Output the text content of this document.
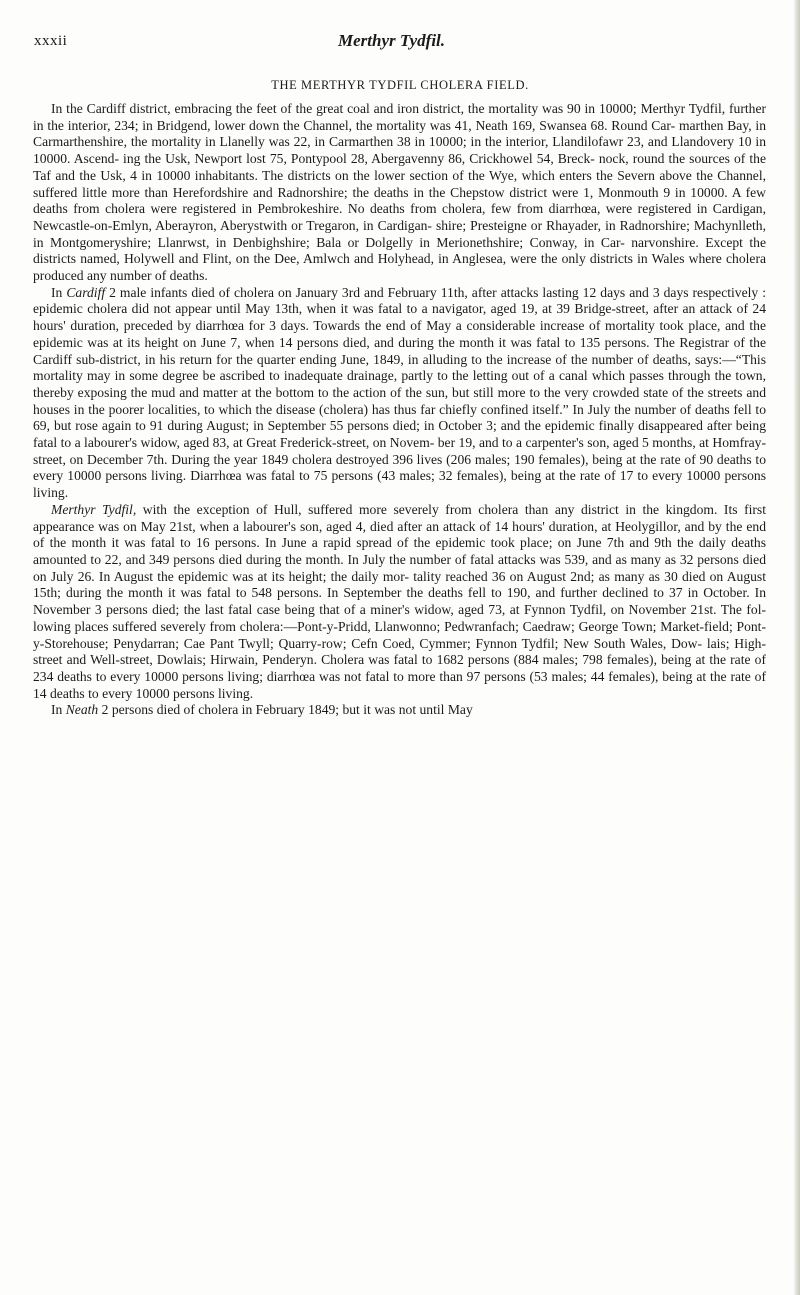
xxxii	Merthyr Tydfil.
THE MERTHYR TYDFIL CHOLERA FIELD.

In the Cardiff district, embracing the feet of the great coal and iron district, the mortality was 90 in 10000; Merthyr Tydfil, further in the interior, 234; in Bridgend, lower down the Channel, the mortality was 41, Neath 169, Swansea 68. Round Car- marthen Bay, in Carmarthenshire, the mortality in Llanelly was 22, in Carmarthen 38 in 10000; in the interior, Llandilofawr 23, and Llandovery 10 in 10000. Ascend- ing the Usk, Newport lost 75, Pontypool 28, Abergavenny 86, Crickhowel 54, Breck- nock, round the sources of the Taf and the Usk, 4 in 10000 inhabitants. The districts on the lower section of the Wye, which enters the Severn above the Channel, suffered little more than Herefordshire and Radnorshire; the deaths in the Chepstow district were 1, Monmouth 9 in 10000. A few deaths from cholera were registered in Pembrokeshire. No deaths from cholera, few from diarrhœa, were registered in Cardigan, Newcastle-on-Emlyn, Aberayron, Aberystwith or Tregaron, in Cardigan- shire; Presteigne or Rhayader, in Radnorshire; Machynlleth, in Montgomeryshire; Llanrwst, in Denbighshire; Bala or Dolgelly in Merionethshire; Conway, in Car- narvonshire. Except the districts named, Holywell and Flint, on the Dee, Amlwch and Holyhead, in Anglesea, were the only districts in Wales where cholera produced any number of deaths.

In Cardiff 2 male infants died of cholera on January 3rd and February 11th, after attacks lasting 12 days and 3 days respectively : epidemic cholera did not appear until May 13th, when it was fatal to a navigator, aged 19, at 39 Bridge-street, after an attack of 24 hours' duration, preceded by diarrhœa for 3 days. Towards the end of May a considerable increase of mortality took place, and the epidemic was at its height on June 7, when 14 persons died, and during the month it was fatal to 135 persons. The Registrar of the Cardiff sub-district, in his return for the quarter ending June, 1849, in alluding to the increase of the number of deaths, says:—“This mortality may in some degree be ascribed to inadequate drainage, partly to the letting out of a canal which passes through the town, thereby exposing the mud and matter at the bottom to the action of the sun, but still more to the very crowded state of the streets and houses in the poorer localities, to which the disease (cholera) has thus far chiefly confined itself.” In July the number of deaths fell to 69, but rose again to 91 during August; in September 55 persons died; in October 3; and the epidemic finally disappeared after being fatal to a labourer's widow, aged 83, at Great Frederick-street, on Novem- ber 19, and to a carpenter's son, aged 5 months, at Homfray-street, on December 7th. During the year 1849 cholera destroyed 396 lives (206 males; 190 females), being at the rate of 90 deaths to every 10000 persons living. Diarrhœa was fatal to 75 persons (43 males; 32 females), being at the rate of 17 to every 10000 persons living.

Merthyr Tydfil, with the exception of Hull, suffered more severely from cholera than any district in the kingdom. Its first appearance was on May 21st, when a labourer's son, aged 4, died after an attack of 14 hours' duration, at Heolygillor, and by the end of the month it was fatal to 16 persons. In June a rapid spread of the epidemic took place; on June 7th and 9th the daily deaths amounted to 22, and 349 persons died during the month. In July the number of fatal attacks was 539, and as many as 32 persons died on July 26. In August the epidemic was at its height; the daily mor- tality reached 36 on August 2nd; as many as 30 died on August 15th; during the month it was fatal to 548 persons. In September the deaths fell to 190, and further declined to 37 in October. In November 3 persons died; the last fatal case being that of a miner's widow, aged 73, at Fynnon Tydfil, on November 21st. The fol- lowing places suffered severely from cholera:—Pont-y-Pridd, Llanwonno; Pedwranfach; Caedraw; George Town; Market-field; Pont-y-Storehouse; Penydarran; Cae Pant Twyll; Quarry-row; Cefn Coed, Cymmer; Fynnon Tydfil; New South Wales, Dow- lais; High-street and Well-street, Dowlais; Hirwain, Penderyn. Cholera was fatal to 1682 persons (884 males; 798 females), being at the rate of 234 deaths to every 10000 persons living; diarrhœa was not fatal to more than 97 persons (53 males; 44 females), being at the rate of 14 deaths to every 10000 persons living.

In Neath 2 persons died of cholera in February 1849; but it was not until May
